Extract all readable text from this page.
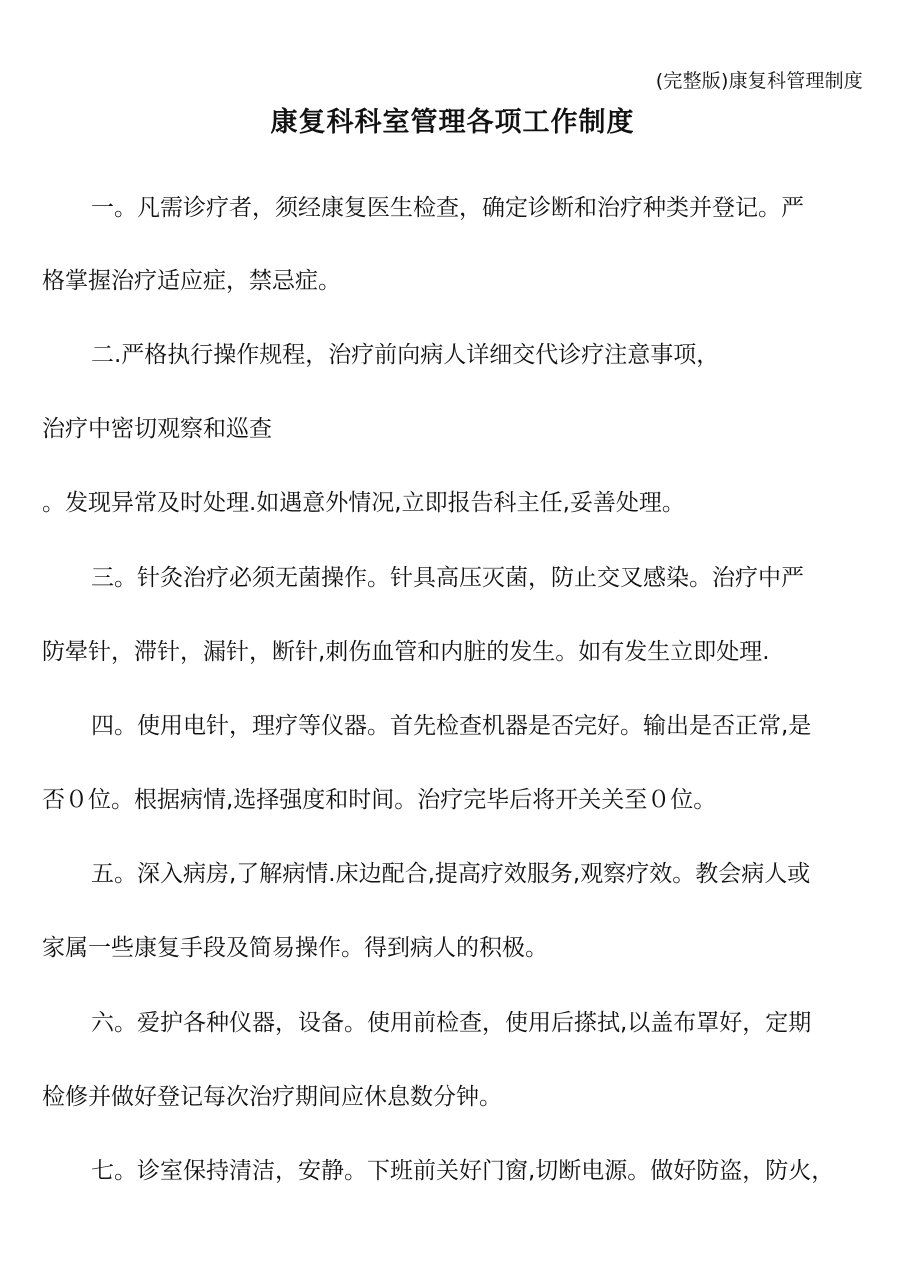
(完整版)康复科管理制度
康复科科室管理各项工作制度
一。凡需诊疗者，须经康复医生检查，确定诊断和治疗种类并登记。严
格掌握治疗适应症，禁忌症。
二.严格执行操作规程，治疗前向病人详细交代诊疗注意事项，
治疗中密切观察和巡查
。发现异常及时处理.如遇意外情况,立即报告科主任,妥善处理。
三。针灸治疗必须无菌操作。针具高压灭菌，防止交叉感染。治疗中严
防晕针，滞针，漏针，断针,刺伤血管和内脏的发生。如有发生立即处理.
四。使用电针，理疗等仪器。首先检查机器是否完好。输出是否正常,是
否０位。根据病情,选择强度和时间。治疗完毕后将开关关至０位。
五。深入病房,了解病情.床边配合,提高疗效服务,观察疗效。教会病人或
家属一些康复手段及简易操作。得到病人的积极。
六。爱护各种仪器，设备。使用前检查，使用后搽拭,以盖布罩好，定期
检修并做好登记每次治疗期间应休息数分钟。
七。诊室保持清洁，安静。下班前关好门窗,切断电源。做好防盗，防火，
